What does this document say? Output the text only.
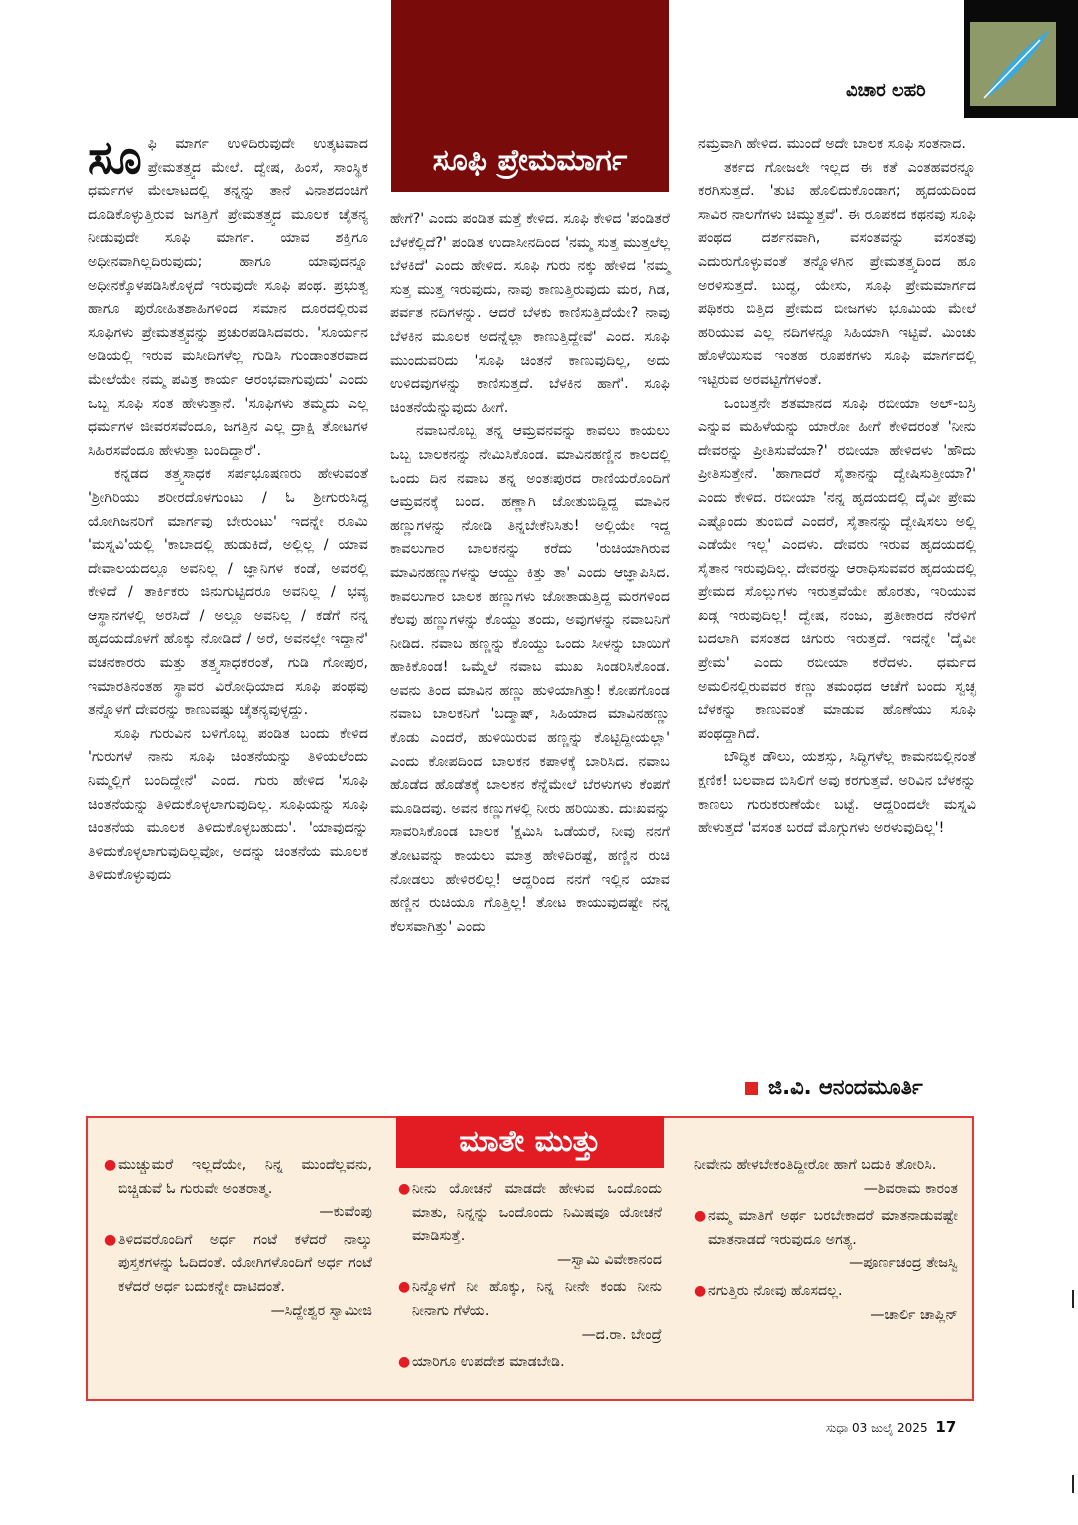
ಸೂಫಿ ಪ್ರೇಮಮಾರ್ಗ
ವಿಚಾರ ಲಹರಿ
ಸೂ ಫಿ ಮಾರ್ಗ ಉಳಿದಿರುವುದೇ ಉತ್ಕಟವಾದ ಪ್ರೇಮತತ್ತ್ವದ ಮೇಲೆ. ದ್ವೇಷ, ಹಿಂಸೆ, ಸಾಂಸ್ಥಿಕ ಧರ್ಮಗಳ ಮೇಲಾಟದಲ್ಲಿ ತನ್ನನ್ನು ತಾನೆ ವಿನಾಶದಂಚಿಗೆ ದೂಡಿಕೊಳ್ಳುತ್ತಿರುವ ಜಗತ್ತಿಗೆ ಪ್ರೇಮತತ್ತ್ವದ ಮೂಲಕ ಚೈತನ್ಯ ನೀಡುವುದೇ ಸೂಫಿ ಮಾರ್ಗ. ಯಾವ ಶಕ್ತಿಗೂ ಅಧೀನವಾಗಿಲ್ಲದಿರುವುದು; ಹಾಗೂ ಯಾವುದನ್ನೂ ಅಧೀನಕ್ಕೊಳಪಡಿಸಿಕೊಳ್ಳದೆ ಇರುವುದೇ ಸೂಫಿ ಪಂಥ. ಪ್ರಭುತ್ವ ಹಾಗೂ ಪುರೋಹಿತಶಾಹಿಗಳಿಂದ ಸಮಾನ ದೂರದಲ್ಲಿರುವ ಸೂಫಿಗಳು ಪ್ರೇಮತತ್ತ್ವವನ್ನು ಪ್ರಚುರಪಡಿಸಿದವರು. 'ಸೂರ್ಯನ ಅಡಿಯಲ್ಲಿ ಇರುವ ಮಸೀದಿಗಳೆಲ್ಲ ಗುಡಿಸಿ ಗುಂಡಾಂತರವಾದ ಮೇಲೆಯೇ ನಮ್ಮ ಪವಿತ್ರ ಕಾರ್ಯ ಆರಂಭವಾಗುವುದು' ಎಂದು ಒಬ್ಬ ಸೂಫಿ ಸಂತ ಹೇಳುತ್ತಾನೆ. 'ಸೂಫಿಗಳು ತಮ್ಮದು ಎಲ್ಲ ಧರ್ಮಗಳ ಜೀವರಸವೆಂದೂ, ಜಗತ್ತಿನ ಎಲ್ಲ ದ್ರಾಕ್ಷಿ ತೋಟಗಳ ಸಿಹಿರಸವೆಂದೂ ಹೇಳುತ್ತಾ ಬಂದಿದ್ದಾರೆ'.

ಕನ್ನಡದ ತತ್ತ್ವಸಾಧಕ ಸರ್ಪಭೂಷಣರು ಹೇಳುವಂತೆ 'ಶ್ರೀಗಿರಿಯು ಶರೀರದೊಳಗುಂಟು / ಓ ಶ್ರೀಗುರುಸಿದ್ಧ ಯೋಗಿಜನರಿಗೆ ಮಾರ್ಗವು ಬೇರುಂಟು' ಇದನ್ನೇ ರೂಮಿ 'ಮಸ್ನವಿ'ಯಲ್ಲಿ 'ಕಾಬಾದಲ್ಲಿ ಹುಡುಕಿದೆ, ಅಲ್ಲಿಲ್ಲ / ಯಾವ ದೇವಾಲಯದಲ್ಲೂ ಅವನಿಲ್ಲ / ಜ್ಞಾನಿಗಳ ಕಂಡೆ, ಅವರಲ್ಲಿ ಕೇಳಿದೆ / ತಾರ್ಕಿಕರು ಜಿನುಗುಟ್ಟಿದರೂ ಅವನಿಲ್ಲ / ಭವ್ಯ ಆಸ್ಥಾನಗಳಲ್ಲಿ ಅರಸಿದೆ / ಅಲ್ಲೂ ಅವನಿಲ್ಲ / ಕಡೆಗೆ ನನ್ನ ಹೃದಯದೊಳಗೆ ಹೊಕ್ಕು ನೋಡಿದೆ / ಅರೆ, ಅವನಲ್ಲೇ ಇದ್ದಾನೆ' ವಚನಕಾರರು ಮತ್ತು ತತ್ತ್ವಸಾಧಕರಂತೆ, ಗುಡಿ ಗೋಪುರ, ಇಮಾರತಿನಂತಹ ಸ್ಥಾವರ ವಿರೋಧಿಯಾದ ಸೂಫಿ ಪಂಥವು ತನ್ನೊಳಗೆ ದೇವರನ್ನು ಕಾಣುವಷ್ಟು ಚೈತನ್ಯವುಳ್ಳದ್ದು.

ಸೂಫಿ ಗುರುವಿನ ಬಳಿಗೊಬ್ಬ ಪಂಡಿತ ಬಂದು ಕೇಳಿದ 'ಗುರುಗಳೆ ನಾನು ಸೂಫಿ ಚಿಂತನೆಯನ್ನು ತಿಳಿಯಲೆಂದು ನಿಮ್ಮಲ್ಲಿಗೆ ಬಂದಿದ್ದೇನೆ' ಎಂದ. ಗುರು ಹೇಳಿದ 'ಸೂಫಿ ಚಿಂತನೆಯನ್ನು ತಿಳಿದುಕೊಳ್ಳಲಾಗುವುದಿಲ್ಲ. ಸೂಫಿಯನ್ನು ಸೂಫಿ ಚಿಂತನೆಯ ಮೂಲಕ ತಿಳಿದುಕೊಳ್ಳಬಹುದು'. 'ಯಾವುದನ್ನು ತಿಳಿದುಕೊಳ್ಳಲಾಗುವುದಿಲ್ಲವೋ, ಅದನ್ನು ಚಿಂತನೆಯ ಮೂಲಕ ತಿಳಿದುಕೊಳ್ಳುವುದು

ಹೇಗೆ?' ಎಂದು ಪಂಡಿತ ಮತ್ತೆ ಕೇಳಿದ. ಸೂಫಿ ಕೇಳಿದ 'ಪಂಡಿತರೆ ಬೆಳಕೆಲ್ಲಿದೆ?' ಪಂಡಿತ ಉದಾಸೀನದಿಂದ 'ನಮ್ಮ ಸುತ್ತ ಮುತ್ತಲೆಲ್ಲ ಬೆಳಕಿದೆ' ಎಂದು ಹೇಳಿದ. ಸೂಫಿ ಗುರು ನಕ್ಕು ಹೇಳಿದ 'ನಮ್ಮ ಸುತ್ತ ಮುತ್ತ ಇರುವುದು, ನಾವು ಕಾಣುತ್ತಿರುವುದು ಮರ, ಗಿಡ, ಪರ್ವತ ನದಿಗಳನ್ನು. ಆದರೆ ಬೆಳಕು ಕಾಣಿಸುತ್ತಿದೆಯೇ? ನಾವು ಬೆಳಕಿನ ಮೂಲಕ ಅದನ್ನೆಲ್ಲಾ ಕಾಣುತ್ತಿದ್ದೇವೆ' ಎಂದ. ಸೂಫಿ ಮುಂದುವರಿದು 'ಸೂಫಿ ಚಿಂತನೆ ಕಾಣುವುದಿಲ್ಲ, ಅದು ಉಳಿದವುಗಳನ್ನು ಕಾಣಿಸುತ್ತದೆ. ಬೆಳಕಿನ ಹಾಗೆ'. ಸೂಫಿ ಚಿಂತನೆಯೆನ್ನುವುದು ಹೀಗೆ.

ನವಾಬನೊಬ್ಬ ತನ್ನ ಆಮ್ರವನವನ್ನು ಕಾವಲು ಕಾಯಲು ಒಬ್ಬ ಬಾಲಕನನ್ನು ನೇಮಿಸಿಕೊಂಡ. ಮಾವಿನಹಣ್ಣಿನ ಕಾಲದಲ್ಲಿ ಒಂದು ದಿನ ನವಾಬ ತನ್ನ ಅಂತಃಪುರದ ರಾಣಿಯರೊಂದಿಗೆ ಆಮ್ರವನಕ್ಕೆ ಬಂದ. ಹಣ್ಣಾಗಿ ಜೋತುಬಿದ್ದಿದ್ದ ಮಾವಿನ ಹಣ್ಣುಗಳನ್ನು ನೋಡಿ ತಿನ್ನಬೇಕೆನಿಸಿತು! ಅಲ್ಲಿಯೇ ಇದ್ದ ಕಾವಲುಗಾರ ಬಾಲಕನನ್ನು ಕರೆದು 'ರುಚಿಯಾಗಿರುವ ಮಾವಿನಹಣ್ಣುಗಳನ್ನು ಆಯ್ದು ಕಿತ್ತು ತಾ' ಎಂದು ಆಜ್ಞಾಪಿಸಿದ. ಕಾವಲುಗಾರ ಬಾಲಕ ಹಣ್ಣುಗಳು ಜೋತಾಡುತ್ತಿದ್ದ ಮರಗಳಿಂದ ಕೆಲವು ಹಣ್ಣುಗಳನ್ನು ಕೊಯ್ದು ತಂದು, ಅವುಗಳನ್ನು ನವಾಬನಿಗೆ ನೀಡಿದ. ನವಾಬ ಹಣ್ಣನ್ನು ಕೊಯ್ದು ಒಂದು ಸೀಳನ್ನು ಬಾಯಿಗೆ ಹಾಕಿಕೊಂಡ! ಒಮ್ಮೆಲೆ ನವಾಬ ಮುಖ ಸಿಂಡರಿಸಿಕೊಂಡ. ಅವನು ತಿಂದ ಮಾವಿನ ಹಣ್ಣು ಹುಳಿಯಾಗಿತ್ತು! ಕೋಪಗೊಂಡ ನವಾಬ ಬಾಲಕನಿಗೆ 'ಬದ್ಮಾಷ್, ಸಿಹಿಯಾದ ಮಾವಿನಹಣ್ಣು ಕೊಡು ಎಂದರೆ, ಹುಳಿಯಿರುವ ಹಣ್ಣನ್ನು ಕೊಟ್ಟಿದ್ದೀಯಲ್ಲಾ' ಎಂದು ಕೋಪದಿಂದ ಬಾಲಕನ ಕಪಾಳಕ್ಕೆ ಬಾರಿಸಿದ. ನವಾಬ ಹೊಡೆದ ಹೊಡೆತಕ್ಕೆ ಬಾಲಕನ ಕೆನ್ನೆಮೇಲೆ ಬೆರಳುಗಳು ಕೆಂಪಗೆ ಮೂಡಿದವು. ಅವನ ಕಣ್ಣುಗಳಲ್ಲಿ ನೀರು ಹರಿಯಿತು. ದುಃಖವನ್ನು ಸಾವರಿಸಿಕೊಂಡ ಬಾಲಕ 'ಕ್ಷಮಿಸಿ ಒಡೆಯರೆ, ನೀವು ನನಗೆ ತೋಟವನ್ನು ಕಾಯಲು ಮಾತ್ರ ಹೇಳಿದಿರಷ್ಟೆ, ಹಣ್ಣಿನ ರುಚಿ ನೋಡಲು ಹೇಳಿರಲಿಲ್ಲ! ಆದ್ದರಿಂದ ನನಗೆ ಇಲ್ಲಿನ ಯಾವ ಹಣ್ಣಿನ ರುಚಿಯೂ ಗೊತ್ತಿಲ್ಲ! ತೋಟ ಕಾಯುವುದಷ್ಟೇ ನನ್ನ ಕೆಲಸವಾಗಿತ್ತು' ಎಂದು

ನಮ್ರವಾಗಿ ಹೇಳಿದ. ಮುಂದೆ ಅದೇ ಬಾಲಕ ಸೂಫಿ ಸಂತನಾದ.

ತರ್ಕದ ಗೋಜಲೇ ಇಲ್ಲದ ಈ ಕತೆ ಎಂತಹವರನ್ನೂ ಕರಗಿಸುತ್ತದೆ. 'ತುಟಿ ಹೊಲಿದುಕೊಂಡಾಗ; ಹೃದಯದಿಂದ ಸಾವಿರ ನಾಲಗೆಗಳು ಚಿಮ್ಮುತ್ತವೆ'. ಈ ರೂಪಕದ ಕಥನವು ಸೂಫಿ ಪಂಥದ ದರ್ಶನವಾಗಿ, ವಸಂತವನ್ನು ವಸಂತವು ಎದುರುಗೊಳ್ಳುವಂತೆ ತನ್ನೊಳಗಿನ ಪ್ರೇಮತತ್ತ್ವದಿಂದ ಹೂ ಅರಳಿಸುತ್ತದೆ. ಬುದ್ಧ, ಯೇಸು, ಸೂಫಿ ಪ್ರೇಮಮಾರ್ಗದ ಪಥಿಕರು ಬಿತ್ತಿದ ಪ್ರೇಮದ ಬೀಜಗಳು ಭೂಮಿಯ ಮೇಲೆ ಹರಿಯುವ ಎಲ್ಲ ನದಿಗಳನ್ನೂ ಸಿಹಿಯಾಗಿ ಇಟ್ಟಿವೆ. ಮಿಂಚು ಹೊಳೆಯಿಸುವ ಇಂತಹ ರೂಪಕಗಳು ಸೂಫಿ ಮಾರ್ಗದಲ್ಲಿ ಇಟ್ಟಿರುವ ಅರವಟ್ಟಿಗೆಗಳಂತೆ.

ಒಂಬತ್ತನೇ ಶತಮಾನದ ಸೂಫಿ ರಬೀಯಾ ಅಲ್-ಬಸ್ರಿ ಎನ್ನುವ ಮಹಿಳೆಯನ್ನು ಯಾರೋ ಹೀಗೆ ಕೇಳಿದರಂತೆ 'ನೀನು ದೇವರನ್ನು ಪ್ರೀತಿಸುವೆಯಾ?' ರಬೀಯಾ ಹೇಳಿದಳು 'ಹೌದು ಪ್ರೀತಿಸುತ್ತೇನೆ. 'ಹಾಗಾದರೆ ಸೈತಾನನ್ನು ದ್ವೇಷಿಸುತ್ತೀಯಾ?' ಎಂದು ಕೇಳಿದ. ರಬೀಯಾ 'ನನ್ನ ಹೃದಯದಲ್ಲಿ ದೈವೀ ಪ್ರೇಮ ಎಷ್ಟೊಂದು ತುಂಬಿದೆ ಎಂದರೆ, ಸೈತಾನನ್ನು ದ್ವೇಷಿಸಲು ಅಲ್ಲಿ ಎಡೆಯೇ ಇಲ್ಲ' ಎಂದಳು. ದೇವರು ಇರುವ ಹೃದಯದಲ್ಲಿ ಸೈತಾನ ಇರುವುದಿಲ್ಲ. ದೇವರನ್ನು ಆರಾಧಿಸುವವರ ಹೃದಯದಲ್ಲಿ ಪ್ರೇಮದ ಸೊಲ್ಲುಗಳು ಇರುತ್ತವೆಯೇ ಹೊರತು, ಇರಿಯುವ ಖಡ್ಗ ಇರುವುದಿಲ್ಲ! ದ್ವೇಷ, ನಂಜು, ಪ್ರತೀಕಾರದ ನೆರಳಿಗೆ ಬದಲಾಗಿ ವಸಂತದ ಚಿಗುರು ಇರುತ್ತದೆ. ಇದನ್ನೇ 'ದೈವೀ ಪ್ರೇಮ' ಎಂದು ರಬೀಯಾ ಕರೆದಳು. ಧರ್ಮದ ಅಮಲಿನಲ್ಲಿರುವವರ ಕಣ್ಣು ತಮಂಧದ ಆಚೆಗೆ ಬಂದು ಸ್ವಚ್ಛ ಬೆಳಕನ್ನು ಕಾಣುವಂತೆ ಮಾಡುವ ಹೊಣೆಯು ಸೂಫಿ ಪಂಥದ್ದಾಗಿದೆ.

ಬೌದ್ಧಿಕ ಡೌಲು, ಯಶಸ್ಸು, ಸಿದ್ಧಿಗಳೆಲ್ಲ ಕಾಮನಬಿಲ್ಲಿನಂತೆ ಕ್ಷಣಿಕ! ಬಲವಾದ ಬಿಸಿಲಿಗೆ ಅವು ಕರಗುತ್ತವೆ. ಅರಿವಿನ ಬೆಳಕನ್ನು ಕಾಣಲು ಗುರುಕರುಣೆಯೇ ಬಟ್ಟೆ. ಆದ್ದರಿಂದಲೇ ಮಸ್ನವಿ ಹೇಳುತ್ತದೆ 'ವಸಂತ ಬರದೆ ಮೊಗ್ಗುಗಳು ಅರಳುವುದಿಲ್ಲ'!

ಜಿ.ವಿ. ಆನಂದಮೂರ್ತಿ
ಮಾತೇ ಮುತ್ತು
● ಮುಚ್ಚುಮರೆ ಇಲ್ಲದೆಯೇ, ನಿನ್ನ ಮುಂದೆಲ್ಲವನು, ಬಿಚ್ಚಿಡುವೆ ಓ ಗುರುವೇ ಅಂತರಾತ್ಮ.
—ಕುವೆಂಪು
● ತಿಳಿದವರೊಂದಿಗೆ ಅರ್ಧ ಗಂಟೆ ಕಳೆದರೆ ನಾಲ್ಕು ಪುಸ್ತಕಗಳನ್ನು ಓದಿದಂತೆ. ಯೋಗಿಗಳೊಂದಿಗೆ ಅರ್ಧ ಗಂಟೆ ಕಳೆದರೆ ಅರ್ಧ ಬದುಕನ್ನೇ ದಾಟಿದಂತೆ.
—ಸಿದ್ದೇಶ್ವರ ಸ್ವಾಮೀಜಿ
● ನೀನು ಯೋಚನೆ ಮಾಡದೇ ಹೇಳುವ ಒಂದೊಂದು ಮಾತು, ನಿನ್ನನ್ನು ಒಂದೊಂದು ನಿಮಿಷವೂ ಯೋಚನೆ ಮಾಡಿಸುತ್ತೆ.
—ಸ್ವಾಮಿ ವಿವೇಕಾನಂದ
● ನಿನ್ನೊಳಗೆ ನೀ ಹೊಕ್ಕು, ನಿನ್ನ ನೀನೇ ಕಂಡು ನೀನು ನೀನಾಗು ಗೆಳೆಯ.
—ದ.ರಾ. ಬೇಂದ್ರೆ
● ಯಾರಿಗೂ ಉಪದೇಶ ಮಾಡಬೇಡಿ.
ನೀವೇನು ಹೇಳಬೇಕಂತಿದ್ದೀರೋ ಹಾಗೆ ಬದುಕಿ ತೋರಿಸಿ.
—ಶಿವರಾಮ ಕಾರಂತ
● ನಮ್ಮ ಮಾತಿಗೆ ಅರ್ಥ ಬರಬೇಕಾದರೆ ಮಾತನಾಡುವಷ್ಟೇ ಮಾತನಾಡದೆ ಇರುವುದೂ ಅಗತ್ಯ.
—ಪೂರ್ಣಚಂದ್ರ ತೇಜಸ್ವಿ
● ನಗುತ್ತಿರು ನೋವು ಹೊಸದಲ್ಲ.
—ಚಾರ್ಲಿ ಚಾಪ್ಲಿನ್
ಸುಧಾ 03 ಜುಲೈ 2025 17
